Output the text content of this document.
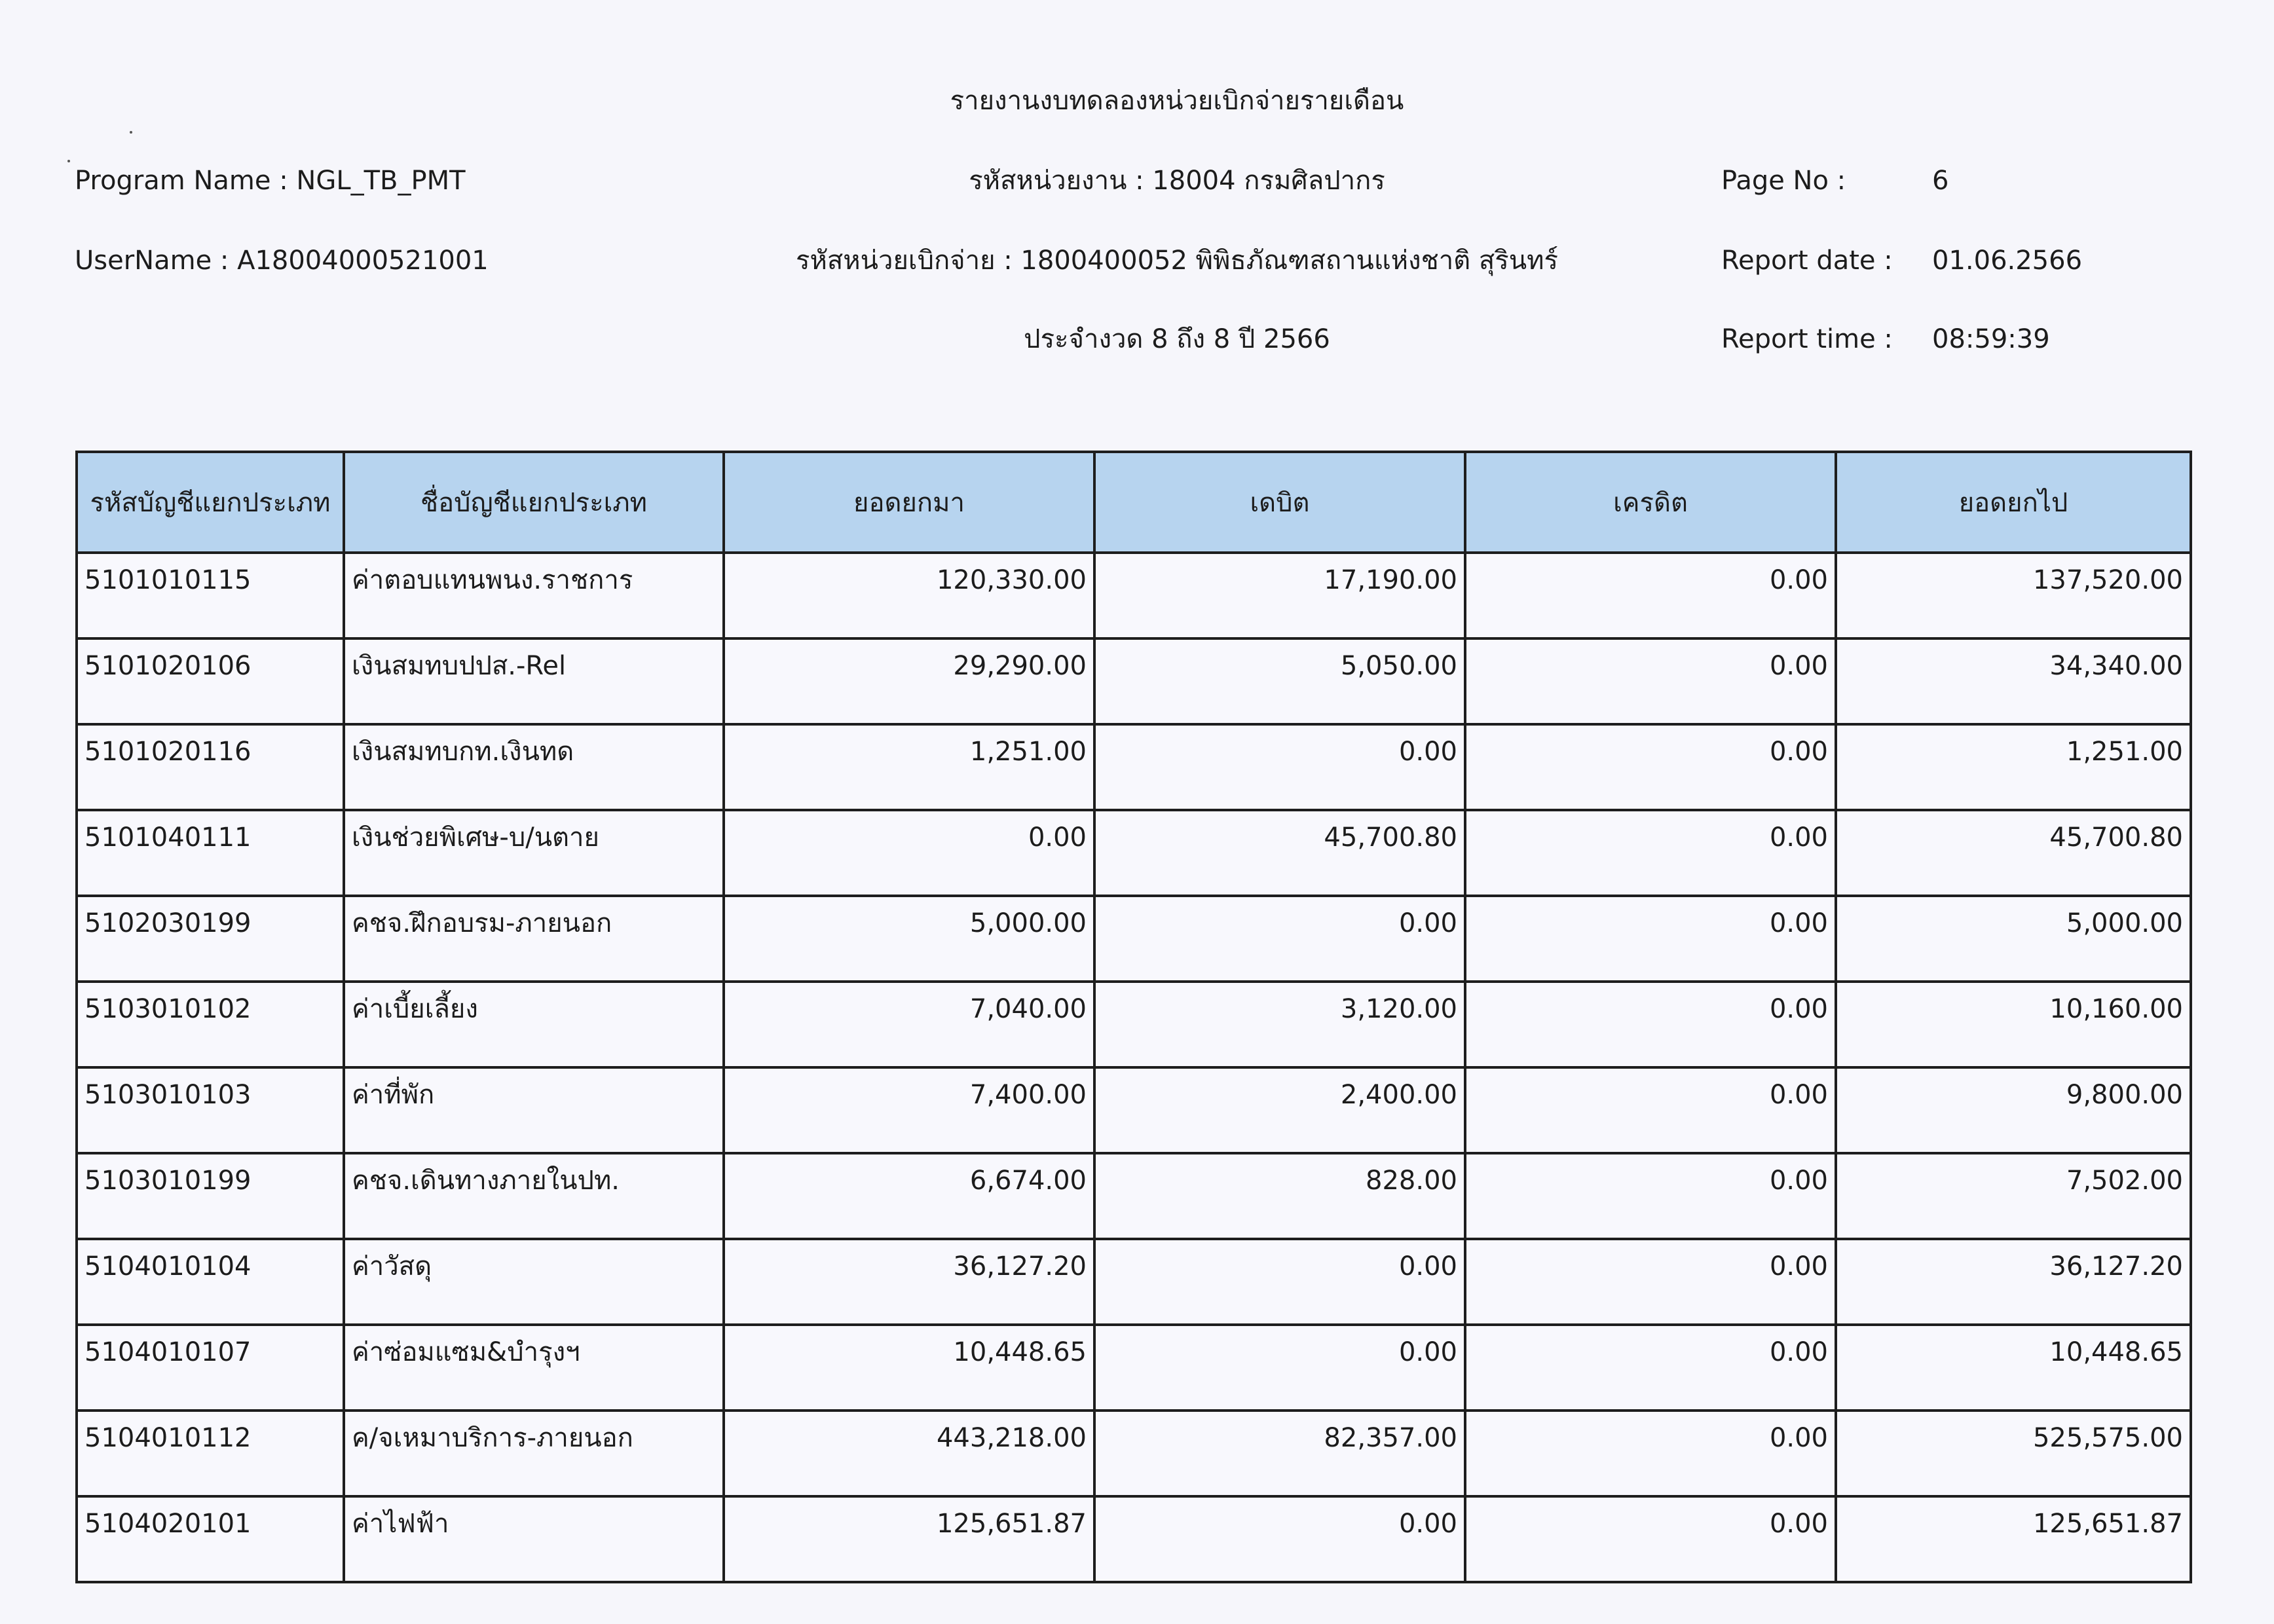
รายงานงบทดลองหน่วยเบิกจ่ายรายเดือน
Program Name : NGL_TB_PMT
UserName : A18004000521001
รหัสหน่วยงาน : 18004 กรมศิลปากร
รหัสหน่วยเบิกจ่าย : 1800400052 พิพิธภัณฑสถานแห่งชาติ สุรินทร์
ประจำงวด 8 ถึง 8 ปี 2566
Page No :	6
Report date : 01.06.2566
Report time : 08:59:39
รหัสบัญชีแยกประเภท	ชื่อบัญชีแยกประเภท	ยอดยกมา	เดบิต	เครดิต	ยอดยกไป
5101010115	ค่าตอบแทนพนง.ราชการ	120,330.00	17,190.00	0.00	137,520.00
5101020106	เงินสมทบปปส.-Rel	29,290.00	5,050.00	0.00	34,340.00
5101020116	เงินสมทบกท.เงินทด	1,251.00	0.00	0.00	1,251.00
5101040111	เงินช่วยพิเศษ-บ/นตาย	0.00	45,700.80	0.00	45,700.80
5102030199	คชจ.ฝึกอบรม-ภายนอก	5,000.00	0.00	0.00	5,000.00
5103010102	ค่าเบี้ยเลี้ยง	7,040.00	3,120.00	0.00	10,160.00
5103010103	ค่าที่พัก	7,400.00	2,400.00	0.00	9,800.00
5103010199	คชจ.เดินทางภายในปท.	6,674.00	828.00	0.00	7,502.00
5104010104	ค่าวัสดุ	36,127.20	0.00	0.00	36,127.20
5104010107	ค่าซ่อมแซม&บำรุงฯ	10,448.65	0.00	0.00	10,448.65
5104010112	ค/จเหมาบริการ-ภายนอก	443,218.00	82,357.00	0.00	525,575.00
5104020101	ค่าไฟฟ้า	125,651.87	0.00	0.00	125,651.87
